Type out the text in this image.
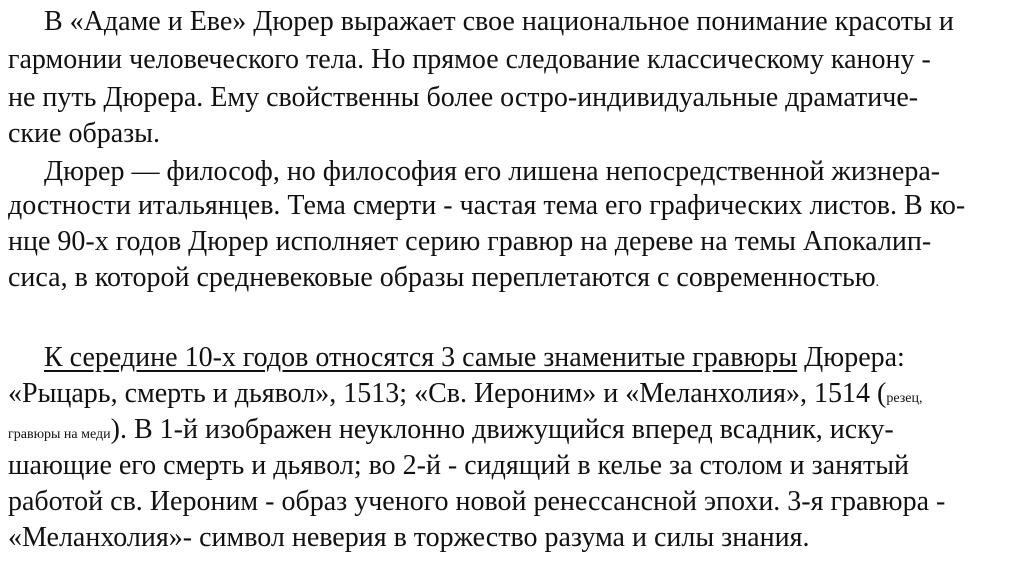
В «Адаме и Еве» Дюрер выражает свое национальное понимание красоты и
гармонии человеческого тела. Но прямое следование классическому канону -
не путь Дюрера. Ему свойственны более остро-индивидуальные драматиче-
ские образы.
Дюрер — философ, но философия его лишена непосредственной жизнера-
достности итальянцев. Тема смерти - частая тема его графических листов. В ко-
нце 90-х годов Дюрер исполняет серию гравюр на дереве на темы Апокалип-
сиса, в которой средневековые образы переплетаются с современностью.
К середине 10-х годов относятся 3 самые знаменитые гравюры Дюрера:
«Рыцарь, смерть и дьявол», 1513; «Св. Иероним» и «Меланхолия», 1514 (резец,
гравюры на меди). В 1-й изображен неуклонно движущийся вперед всадник, иску-
шающие его смерть и дьявол; во 2-й - сидящий в келье за столом и занятый
работой св. Иероним - образ ученого новой ренессансной эпохи. 3-я гравюра -
«Меланхолия»- символ неверия в торжество разума и силы знания.
